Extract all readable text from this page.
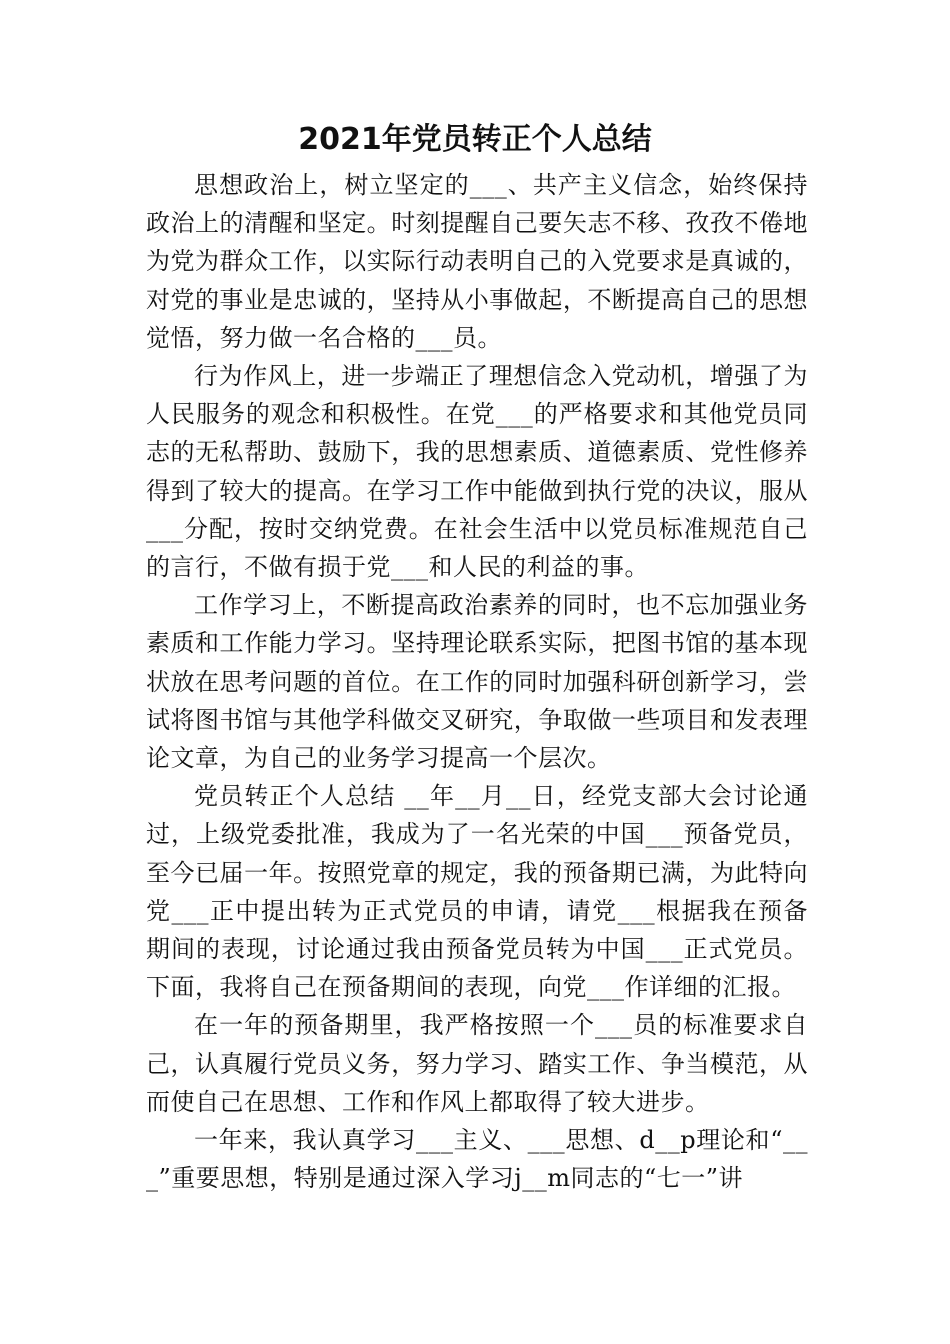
2021年党员转正个人总结

思想政治上，树立坚定的___、共产主义信念，始终保持政治上的清醒和坚定。时刻提醒自己要矢志不移、孜孜不倦地为党为群众工作，以实际行动表明自己的入党要求是真诚的，对党的事业是忠诚的，坚持从小事做起，不断提高自己的思想觉悟，努力做一名合格的___员。

行为作风上，进一步端正了理想信念入党动机，增强了为人民服务的观念和积极性。在党___的严格要求和其他党员同志的无私帮助、鼓励下，我的思想素质、道德素质、党性修养得到了较大的提高。在学习工作中能做到执行党的决议，服从___分配，按时交纳党费。在社会生活中以党员标准规范自己的言行，不做有损于党___和人民的利益的事。

工作学习上，不断提高政治素养的同时，也不忘加强业务素质和工作能力学习。坚持理论联系实际，把图书馆的基本现状放在思考问题的首位。在工作的同时加强科研创新学习，尝试将图书馆与其他学科做交叉研究，争取做一些项目和发表理论文章，为自己的业务学习提高一个层次。

党员转正个人总结 __年__月__日，经党支部大会讨论通过，上级党委批准，我成为了一名光荣的中国___预备党员，至今已届一年。按照党章的规定，我的预备期已满，为此特向党___正中提出转为正式党员的申请，请党___根据我在预备期间的表现，讨论通过我由预备党员转为中国___正式党员。下面，我将自己在预备期间的表现，向党___作详细的汇报。

在一年的预备期里，我严格按照一个___员的标准要求自己，认真履行党员义务，努力学习、踏实工作、争当模范，从而使自己在思想、工作和作风上都取得了较大进步。

一年来，我认真学习___主义、___思想、d__p理论和“___”重要思想，特别是通过深入学习j__m同志的“七一”讲
